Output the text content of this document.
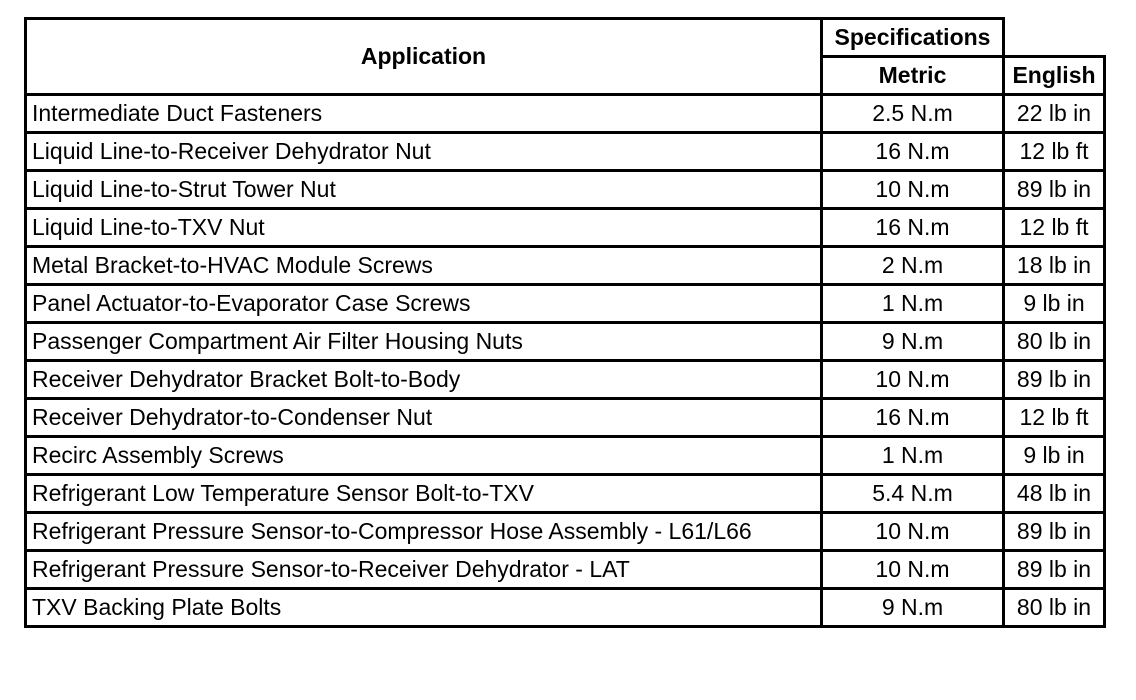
Application	Specifications	
	Metric	English
Intermediate Duct Fasteners	2.5 N.m	22 lb in
Liquid Line-to-Receiver Dehydrator Nut	16 N.m	12 lb ft
Liquid Line-to-Strut Tower Nut	10 N.m	89 lb in
Liquid Line-to-TXV Nut	16 N.m	12 lb ft
Metal Bracket-to-HVAC Module Screws	2 N.m	18 lb in
Panel Actuator-to-Evaporator Case Screws	1 N.m	9 lb in
Passenger Compartment Air Filter Housing Nuts	9 N.m	80 lb in
Receiver Dehydrator Bracket Bolt-to-Body	10 N.m	89 lb in
Receiver Dehydrator-to-Condenser Nut	16 N.m	12 lb ft
Recirc Assembly Screws	1 N.m	9 lb in
Refrigerant Low Temperature Sensor Bolt-to-TXV	5.4 N.m	48 lb in
Refrigerant Pressure Sensor-to-Compressor Hose Assembly - L61/L66	10 N.m	89 lb in
Refrigerant Pressure Sensor-to-Receiver Dehydrator - LAT	10 N.m	89 lb in
TXV Backing Plate Bolts	9 N.m	80 lb in
